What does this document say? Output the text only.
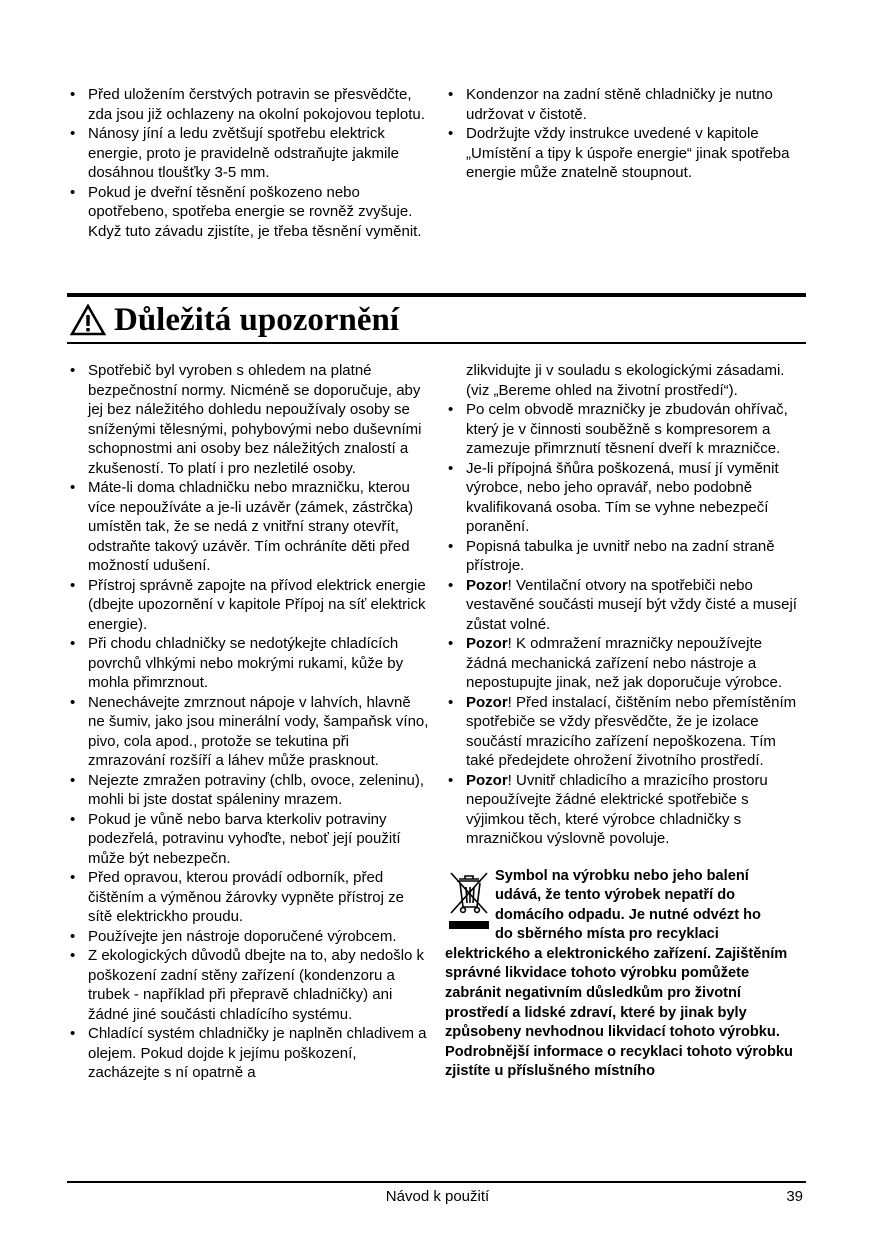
• Před uložením čerstvých potravin se přesvědčte, zda jsou již ochlazeny na okolní pokojovou teplotu.
• Nánosy jíní a ledu zvětšují spotřebu elektrick energie, proto je pravidelně odstraňujte jakmile dosáhnou tloušťky 3-5 mm.
• Pokud je dveřní těsnění poškozeno nebo opotřebeno, spotřeba energie se rovněž zvyšuje. Když tuto závadu zjistíte, je třeba těsnění vyměnit.
• Kondenzor na zadní stěně chladničky je nutno udržovat v čistotě.
• Dodržujte vždy instrukce uvedené v kapitole „Umístění a tipy k úspoře energie“ jinak spotřeba energie může znatelně stoupnout.
Důležitá upozornění
• Spotřebič byl vyroben s ohledem na platné bezpečnostní normy. Nicméně se doporučuje, aby jej bez náležitého dohledu nepoužívaly osoby se sníženými tělesnými, pohybovými nebo duševními schopnostmi ani osoby bez náležitých znalostí a zkušeností. To platí i pro nezletilé osoby.
• Máte-li doma chladničku nebo mrazničku, kterou více nepoužíváte a je-li uzávěr (zámek, zástrčka) umístěn tak, že se nedá z vnitřní strany otevřít, odstraňte takový uzávěr. Tím ochráníte děti před možností udušení.
• Přístroj správně zapojte na přívod elektrick energie (dbejte upozornění v kapitole Přípoj na síť elektrick energie).
• Při chodu chladničky se nedotýkejte chladících povrchů vlhkými nebo mokrými rukami, kůže by mohla přimrznout.
• Nenechávejte zmrznout nápoje v lahvích, hlavně ne šumiv, jako jsou minerální vody, šampaňsk víno, pivo, cola apod., protože se tekutina při zmrazování rozšíří a láhev může prasknout.
• Nejezte zmražen potraviny (chlb, ovoce, zeleninu), mohli bi jste dostat spáleniny mrazem.
• Pokud je vůně nebo barva kterkoliv potraviny podezřelá, potravinu vyhoďte, neboť její použití může být nebezpečn.
• Před opravou, kterou provádí odborník, před čištěním a výměnou žárovky vypněte přístroj ze sítě elektrickho proudu.
• Používejte jen nástroje doporučené výrobcem.
• Z ekologických důvodů dbejte na to, aby nedošlo k poškození zadní stěny zařízení (kondenzoru a trubek - například při přepravě chladničky) ani žádné jiné součásti chladícího systému.
• Chladící systém chladničky je naplněn chladivem a olejem. Pokud dojde k jejímu poškození, zacházejte s ní opatrně a

zlikvidujte ji v souladu s ekologickými zásadami. (viz „Bereme ohled na životní prostředí“).

• Po celm obvodě mrazničky je zbudován ohřívač, který je v činnosti souběžně s kompresorem a zamezuje přimrznutí těsnení dveří k mrazničce.
• Je-li přípojná šňůra poškozená, musí jí vyměnit výrobce, nebo jeho opravář, nebo podobně kvalifikovaná osoba. Tím se vyhne nebezpečí poranění.
• Popisná tabulka je uvnitř nebo na zadní straně přístroje.
• Pozor! Ventilační otvory na spotřebiči nebo vestavěné součásti musejí být vždy čisté a musejí zůstat volné.
• Pozor! K odmražení mrazničky nepoužívejte žádná mechanická zařízení nebo nástroje a nepostupujte jinak, než jak doporučuje výrobce.
• Pozor! Před instalací, čištěním nebo přemístěním spotřebiče se vždy přesvědčte, že je izolace součástí mrazicího zařízení nepoškozena. Tím také předejdete ohrožení životního prostředí.
• Pozor! Uvnitř chladicího a mrazicího prostoru nepoužívejte žádné elektrické spotřebiče s výjimkou těch, které výrobce chladničky s mrazničkou výslovně povoluje.

Symbol na výrobku nebo jeho balení

udává, že tento výrobek nepatří do

domácího odpadu. Je nutné odvézt ho

do sběrného místa pro recyklaci

elektrického a elektronického zařízení. Zajištěním správné likvidace tohoto výrobku pomůžete zabránit negativním důsledkům pro životní prostředí a lidské zdraví, které by jinak byly způsobeny nevhodnou likvidací tohoto výrobku. Podrobnější informace o recyklaci tohoto výrobku zjistíte u příslušného místního

Návod k použití	39
